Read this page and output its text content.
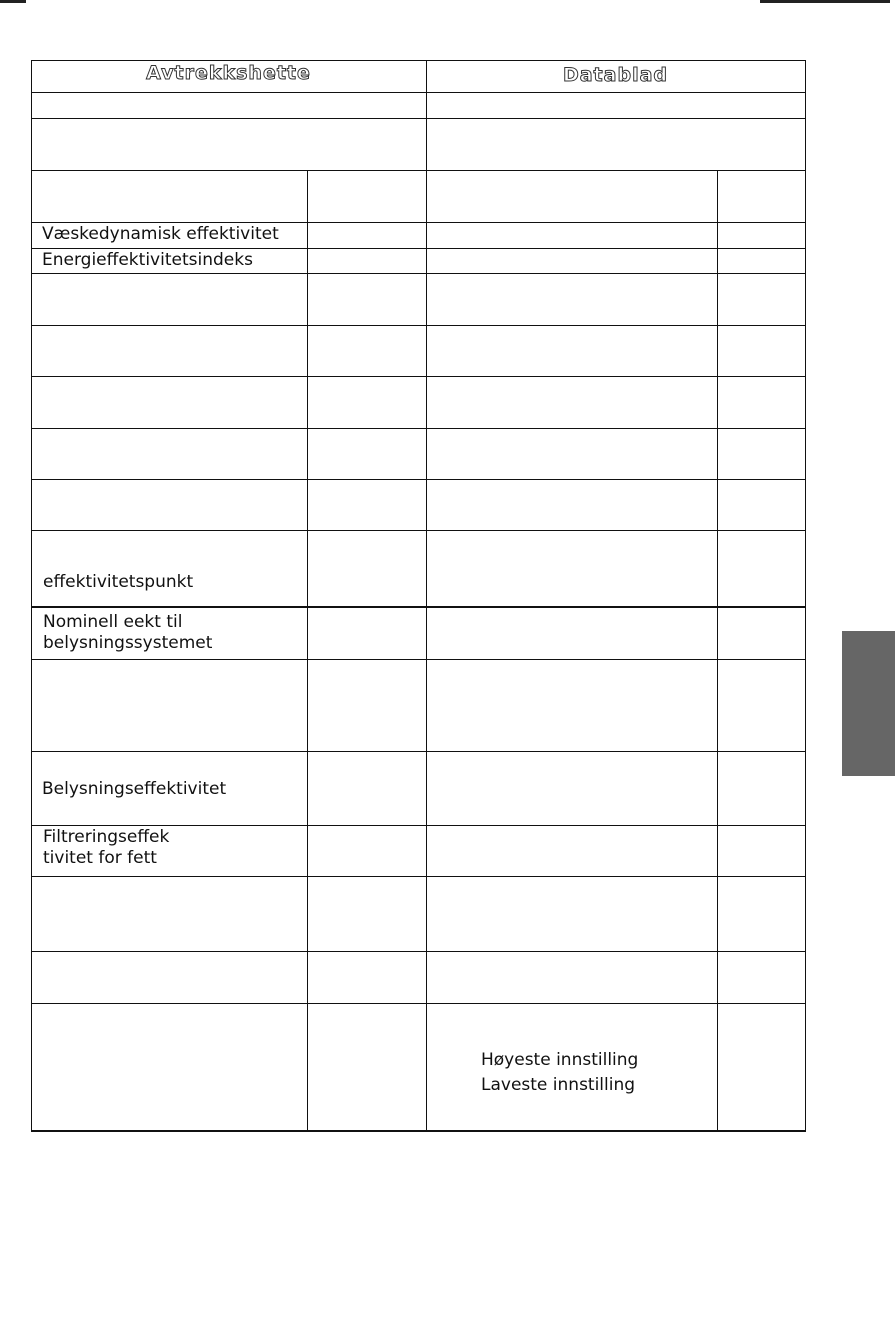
Avtrekkshette	Datablad
Væskedynamisk effektivitet
Energieffektivitetsindeks
effektivitetspunkt
Nominell eekt til belysningssystemet
Belysningseffektivitet
Filtreringseffek tivitet for fett
Høyeste innstilling
Laveste innstilling
